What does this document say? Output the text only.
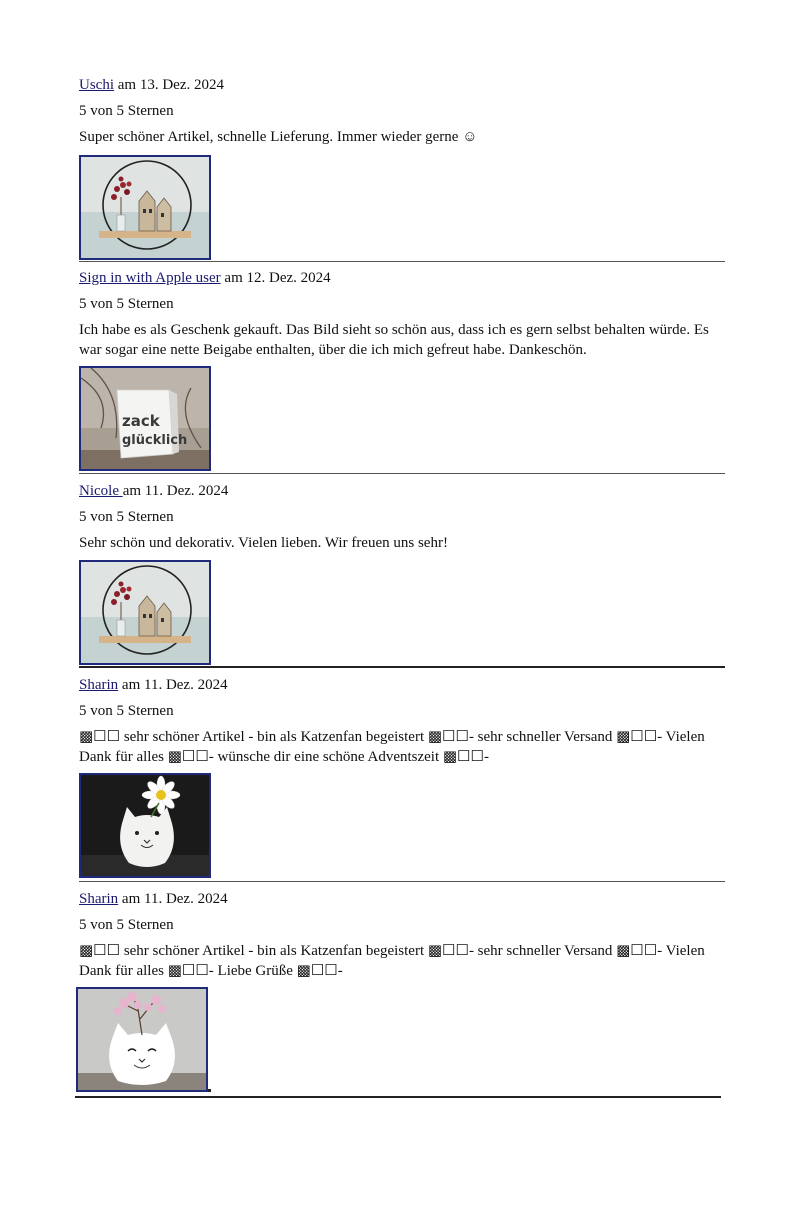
Uschi am 13. Dez. 2024
5 von 5 Sternen
Super schöner Artikel, schnelle Lieferung. Immer wieder gerne ☺
Sign in with Apple user am 12. Dez. 2024
5 von 5 Sternen
Ich habe es als Geschenk gekauft. Das Bild sieht so schön aus, dass ich es gern selbst behalten würde. Es war sogar eine nette Beigabe enthalten, über die ich mich gefreut habe. Dankeschön.
zack
glücklich
Nicole am 11. Dez. 2024
5 von 5 Sternen
Sehr schön und dekorativ. Vielen lieben. Wir freuen uns sehr!
Sharin am 11. Dez. 2024
5 von 5 Sternen
▩☐☐ sehr schöner Artikel - bin als Katzenfan begeistert ▩☐☐- sehr schneller Versand ▩☐☐- Vielen Dank für alles ▩☐☐- wünsche dir eine schöne Adventszeit ▩☐☐-
Sharin am 11. Dez. 2024
5 von 5 Sternen
▩☐☐ sehr schöner Artikel - bin als Katzenfan begeistert ▩☐☐- sehr schneller Versand ▩☐☐- Vielen Dank für alles ▩☐☐- Liebe Grüße ▩☐☐-
